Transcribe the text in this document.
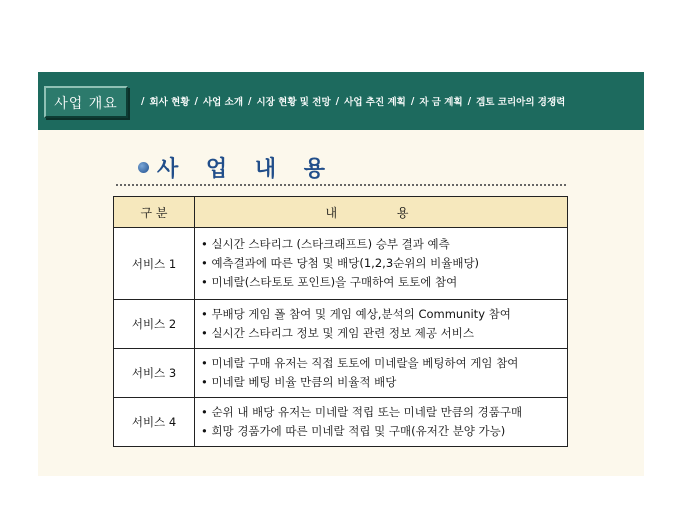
사업 개요	/ 회사 현황 / 사업 소개 / 시장 현황 및 전망 / 사업 추진 계획 / 자 금 계획 / 겜토 코리아의 경쟁력
사 업 내 용
구 분	내 용
서비스 1	• 실시간 스타리그 (스타크래프트) 승부 결과 예측
• 예측결과에 따른 당첨 및 배당(1,2,3순위의 비율배당)
• 미네랄(스타토토 포인트)을 구매하여 토토에 참여

서비스 2	• 무배당 게임 폴 참여 및 게임 예상,분석의 Community 참여
• 실시간 스타리그 정보 및 게임 관련 정보 제공 서비스

서비스 3	• 미네랄 구매 유저는 직접 토토에 미네랄을 베팅하여 게임 참여
• 미네랄 베팅 비율 만큼의 비율적 배당

서비스 4	• 순위 내 배당 유저는 미네랄 적립 또는 미네랄 만큼의 경품구매
• 희망 경품가에 따른 미네랄 적립 및 구매(유저간 분양 가능)
